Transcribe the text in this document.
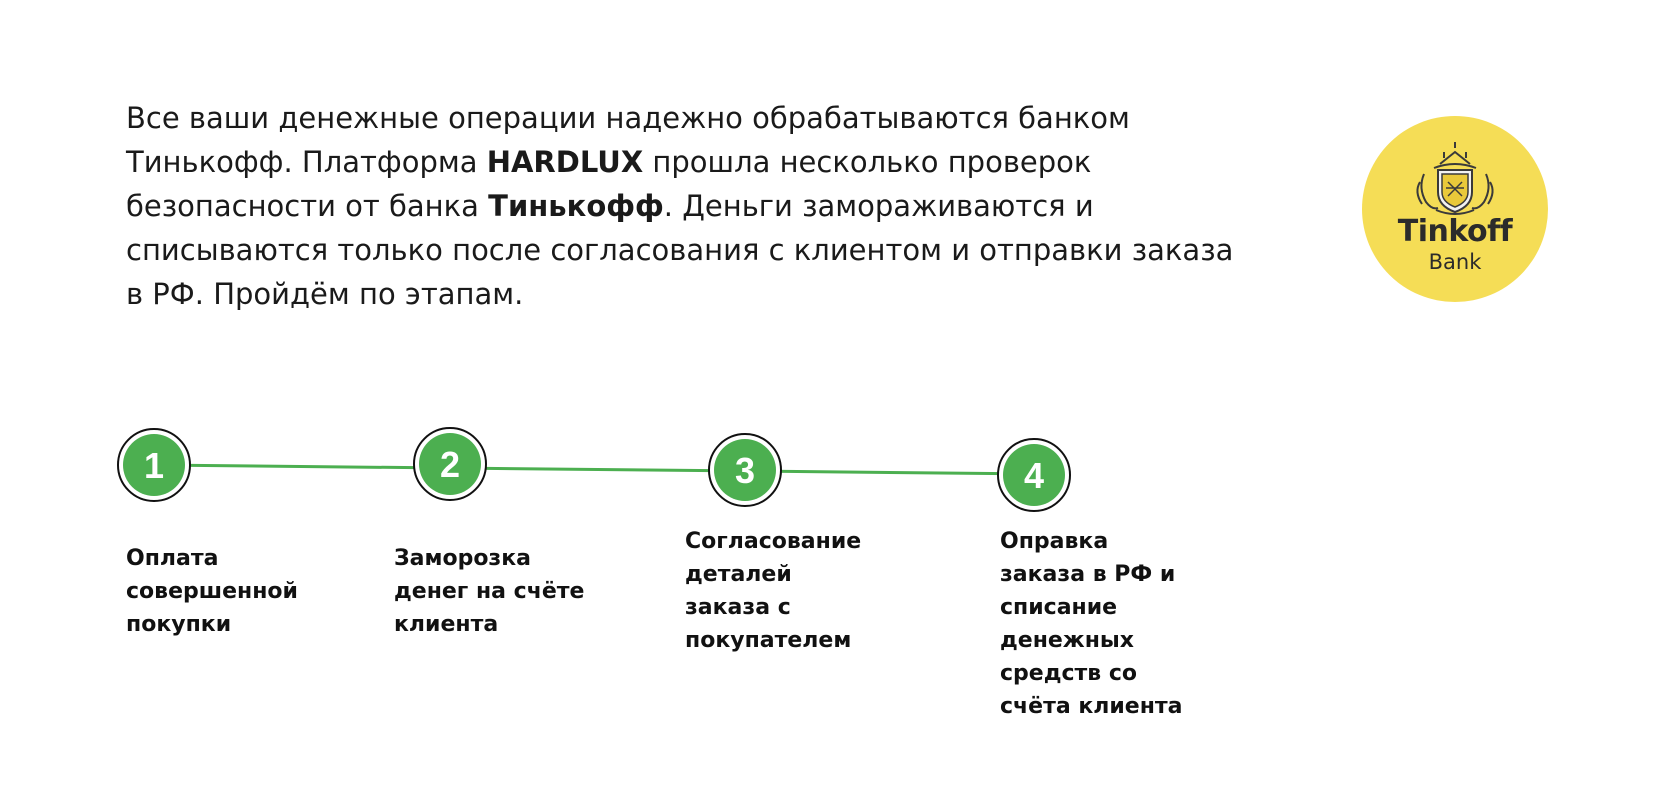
Все ваши денежные операции надежно обрабатываются банком Тинькофф. Платформа HARDLUX прошла несколько проверок безопасности от банка Тинькофф. Деньги замораживаются и списываются только после согласования с клиентом и отправки заказа в РФ. Пройдём по этапам.

Tinkoff
Bank
1	2	3	4

Оплата
совершенной
покупки

Заморозка
денег на счёте
клиента

Согласование
деталей
заказа с
покупателем

Оправка
заказа в РФ и
списание
денежных
средств со
счёта клиента
